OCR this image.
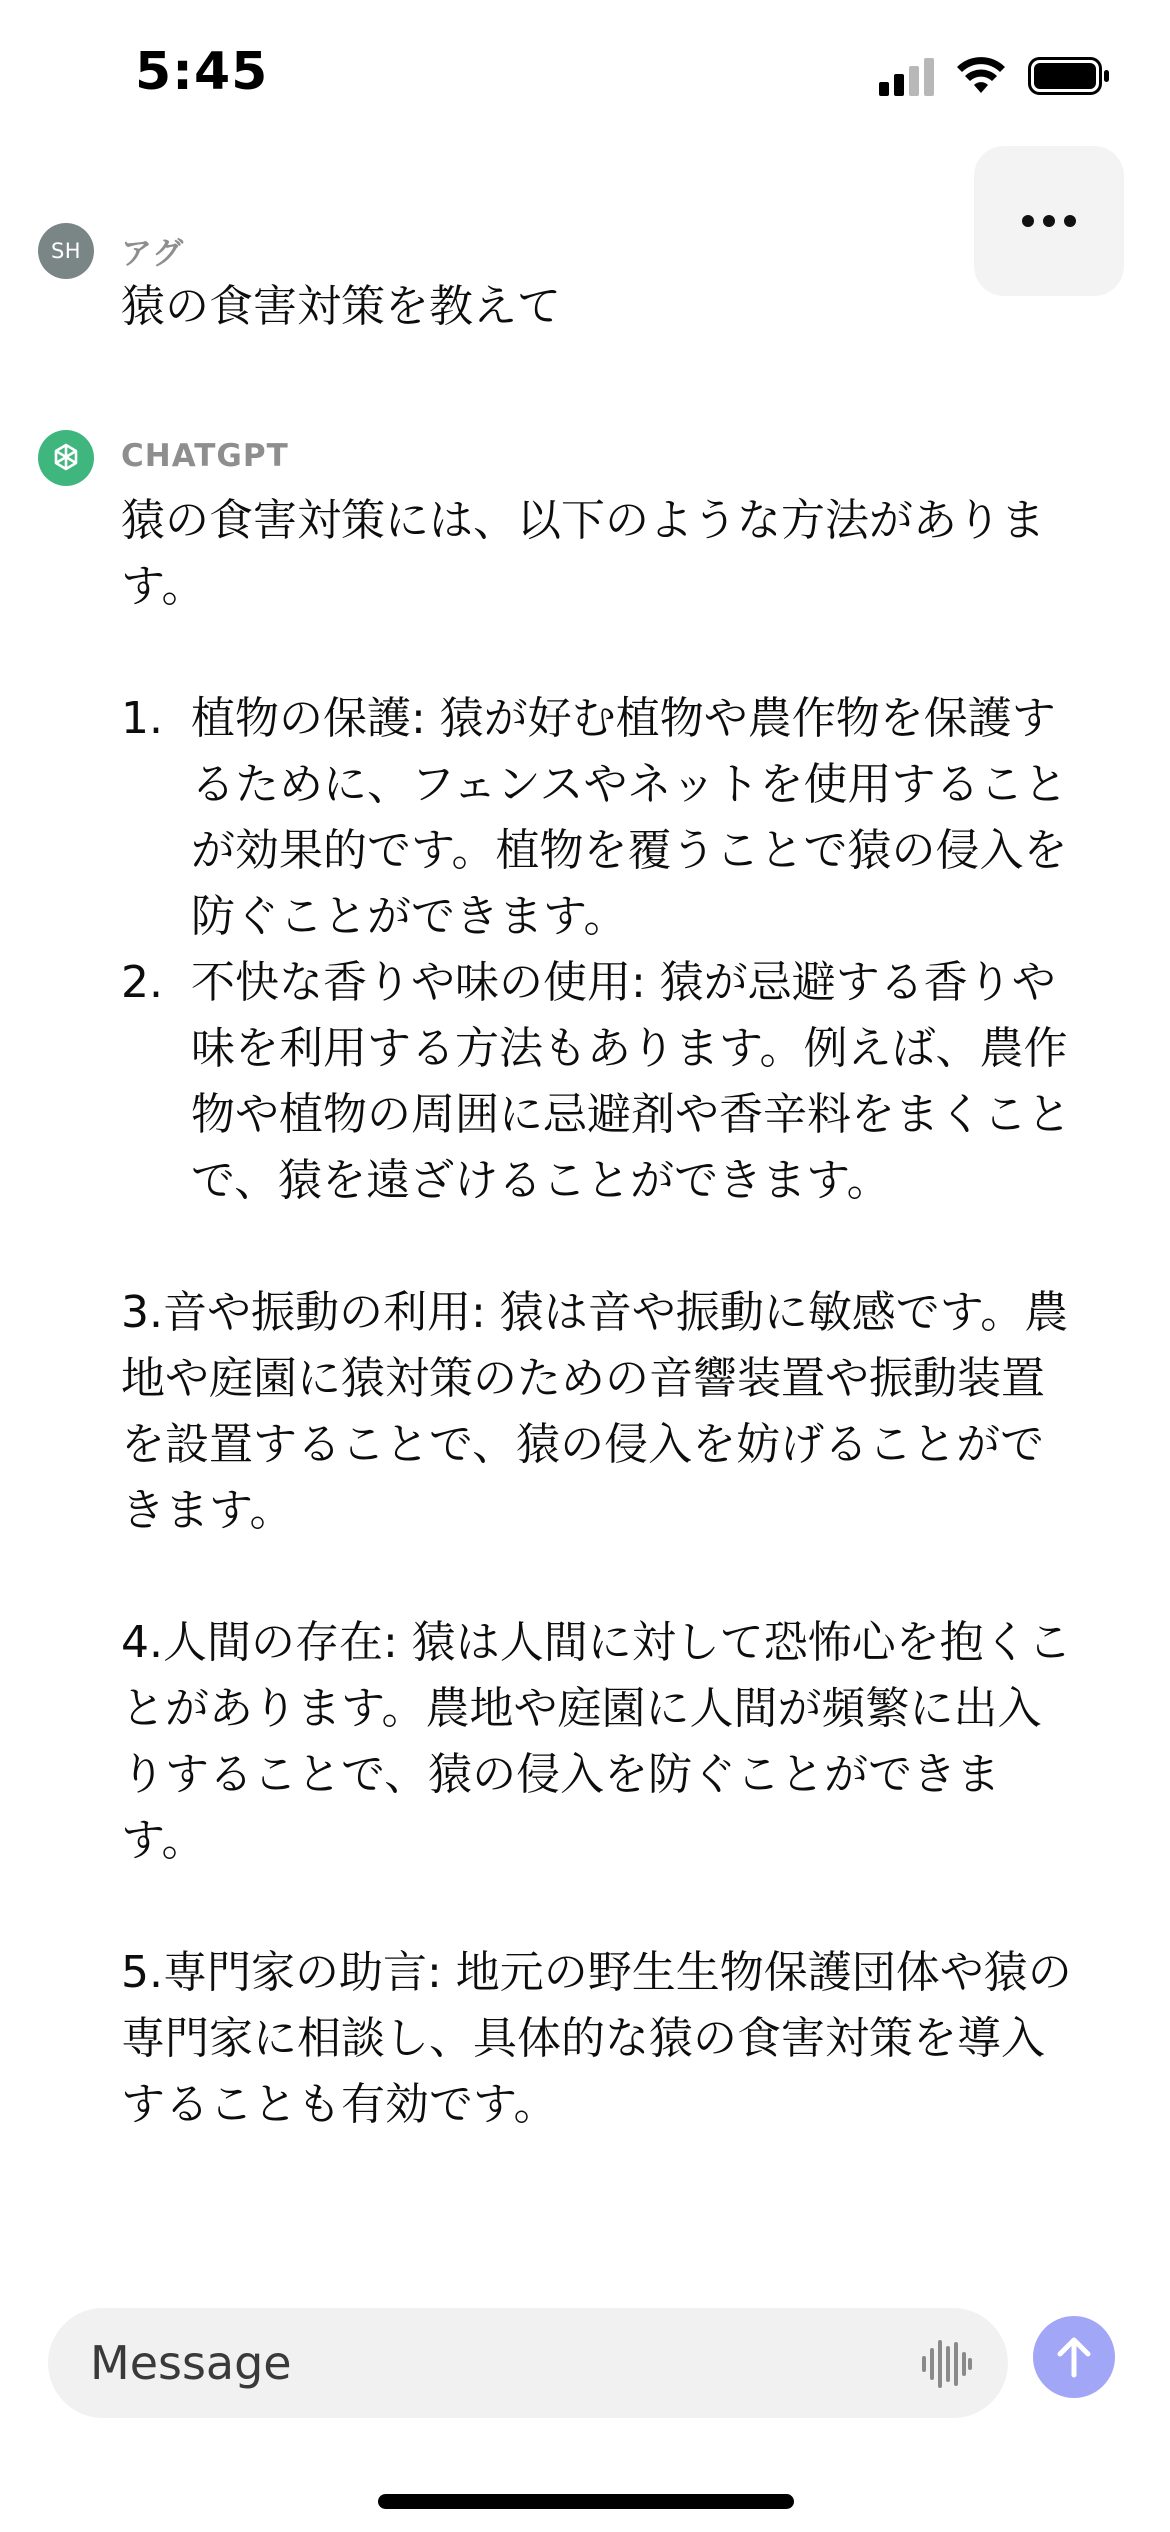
5:45
SH アグ
猿の食害対策を教えて
CHATGPT
猿の食害対策には、以下のような方法があります。
1. 植物の保護: 猿が好む植物や農作物を保護するために、フェンスやネットを使用することが効果的です。植物を覆うことで猿の侵入を防ぐことができます。
2. 不快な香りや味の使用: 猿が忌避する香りや味を利用する方法もあります。例えば、農作物や植物の周囲に忌避剤や香辛料をまくことで、猿を遠ざけることができます。
3.音や振動の利用: 猿は音や振動に敏感です。農地や庭園に猿対策のための音響装置や振動装置を設置することで、猿の侵入を妨げることができます。
4.人間の存在: 猿は人間に対して恐怖心を抱くことがあります。農地や庭園に人間が頻繁に出入りすることで、猿の侵入を防ぐことができます。
5.専門家の助言: 地元の野生生物保護団体や猿の専門家に相談し、具体的な猿の食害対策を導入することも有効です。
Message
